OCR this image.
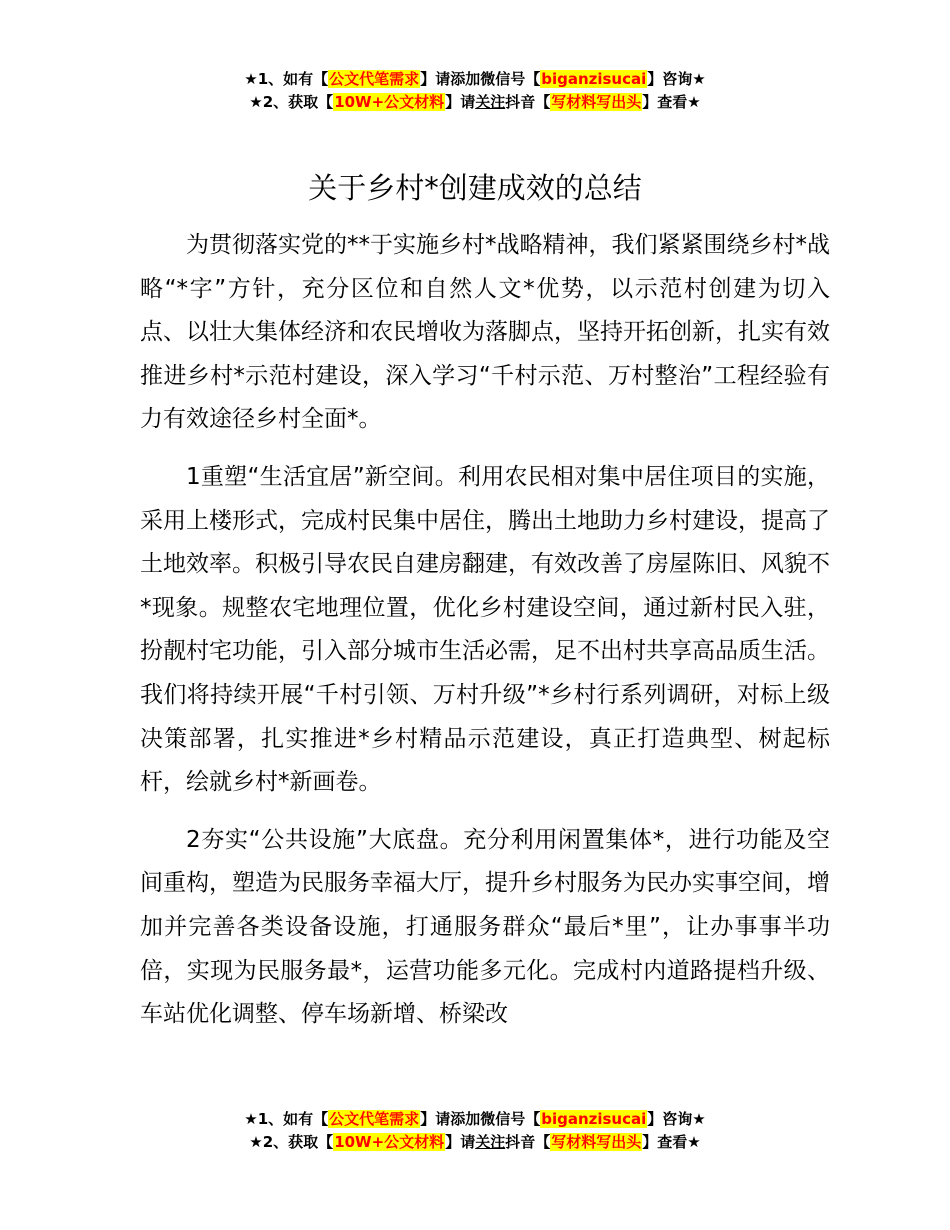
★1、如有【公文代笔需求】请添加微信号【biganzisucai】咨询★
★2、获取【10W+公文材料】请关注抖音【写材料写出头】查看★
关于乡村*创建成效的总结

为贯彻落实党的**于实施乡村*战略精神，我们紧紧围绕乡村*战略“*字”方针，充分区位和自然人文*优势，以示范村创建为切入点、以壮大集体经济和农民增收为落脚点，坚持开拓创新，扎实有效推进乡村*示范村建设，深入学习“千村示范、万村整治”工程经验有力有效途径乡村全面*。

1重塑“生活宜居”新空间。利用农民相对集中居住项目的实施，采用上楼形式，完成村民集中居住，腾出土地助力乡村建设，提高了土地效率。积极引导农民自建房翻建，有效改善了房屋陈旧、风貌不*现象。规整农宅地理位置，优化乡村建设空间，通过新村民入驻，扮靓村宅功能，引入部分城市生活必需，足不出村共享高品质生活。我们将持续开展“千村引领、万村升级”*乡村行系列调研，对标上级决策部署，扎实推进*乡村精品示范建设，真正打造典型、树起标杆，绘就乡村*新画卷。

2夯实“公共设施”大底盘。充分利用闲置集体*，进行功能及空间重构，塑造为民服务幸福大厅，提升乡村服务为民办实事空间，增加并完善各类设备设施，打通服务群众“最后*里”，让办事事半功倍，实现为民服务最*，运营功能多元化。完成村内道路提档升级、车站优化调整、停车场新增、桥梁改

★1、如有【公文代笔需求】请添加微信号【biganzisucai】咨询★
★2、获取【10W+公文材料】请关注抖音【写材料写出头】查看★
